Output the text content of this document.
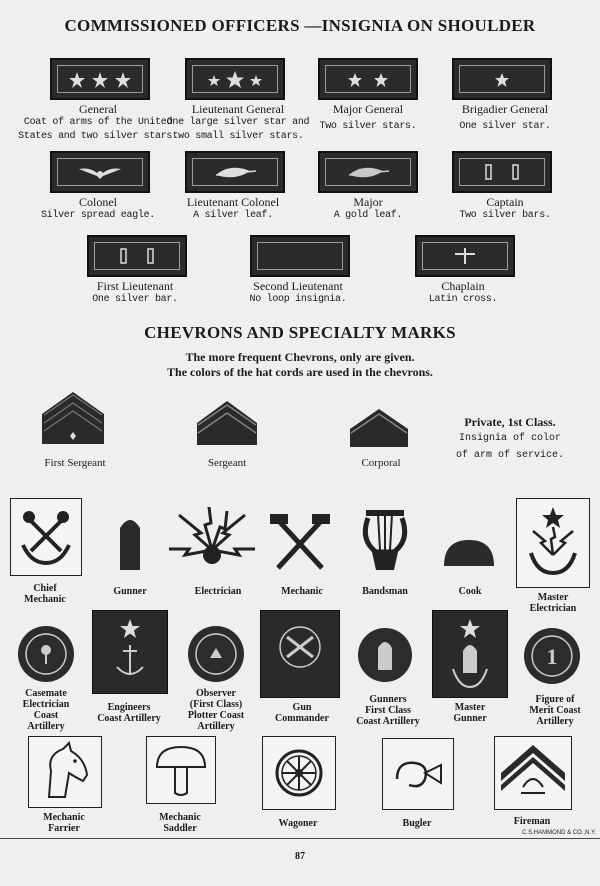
COMMISSIONED OFFICERS —INSIGNIA ON SHOULDER
General
Coat of arms of the United
States and two silver stars.
Lieutenant General
One large silver star and
two small silver stars.
Major General
Two silver stars.
Brigadier General
One silver star.
Colonel
Silver spread eagle.
Lieutenant Colonel
A silver leaf.
Major
A gold leaf.
Captain
Two silver bars.
First Lieutenant
One silver bar.
Second Lieutenant
No loop insignia.
Chaplain
Latin cross.
CHEVRONS AND SPECIALTY MARKS
The more frequent Chevrons, only are given.
The colors of the hat cords are used in the chevrons.
First Sergeant	Sergeant	Corporal
Private, 1st Class.
Insignia of color
of arm of service.
Chief
Mechanic
Gunner	Electrician	Mechanic	Bandsman	Cook
Master
Electrician
1
Casemate
Electrician
Coast
Artillery
Engineers
Coast Artillery
Observer
(First Class)
Plotter Coast
Artillery
Gun
Commander
Gunners
First Class
Coast Artillery
Master
Gunner
Figure of
Merit Coast
Artillery
Mechanic
Farrier
Mechanic
Saddler	Wagoner	Bugler	Fireman
C.S.HAMMOND & CO.,N.Y.
87
